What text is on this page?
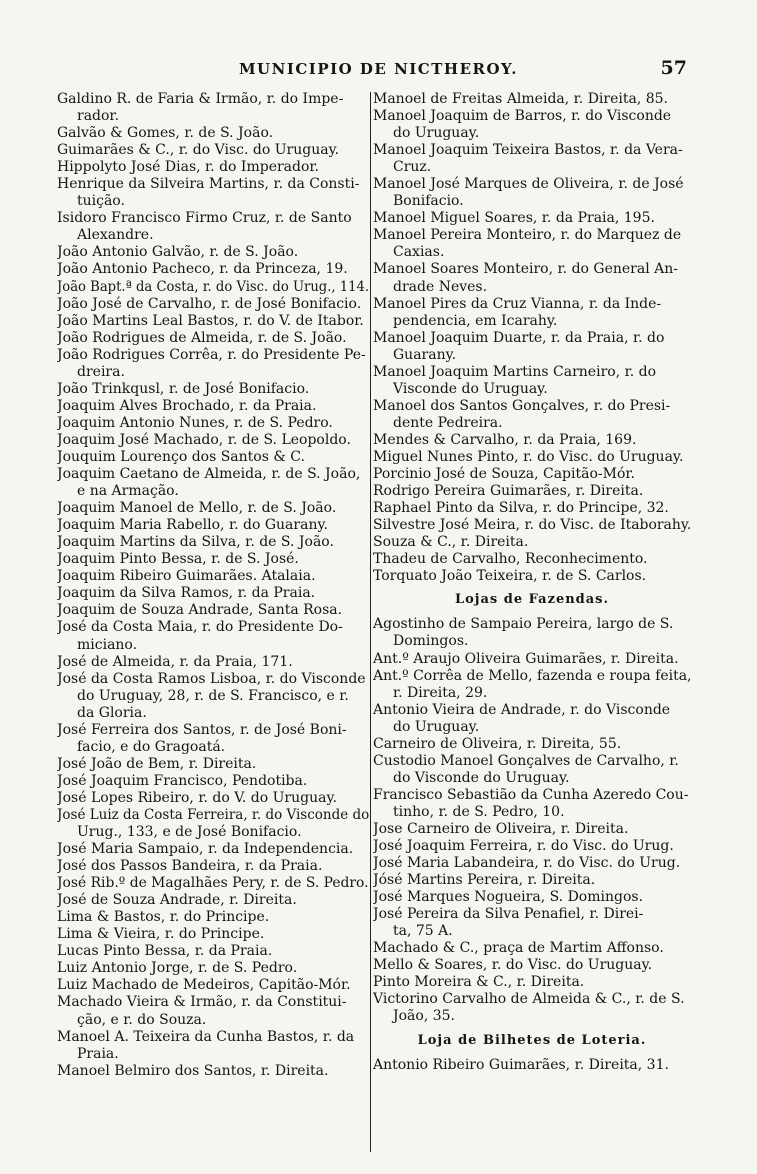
MUNICIPIO DE NICTHEROY.	57
Galdino R. de Faria & Irmão, r. do Impe-
rador.
Galvão & Gomes, r. de S. João.
Guimarães & C., r. do Visc. do Uruguay.
Hippolyto José Dias, r. do Imperador.
Henrique da Silveira Martins, r. da Consti-
tuição.
Isidoro Francisco Firmo Cruz, r. de Santo
Alexandre.
João Antonio Galvão, r. de S. João.
João Antonio Pacheco, r. da Princeza, 19.
João Bapt.ª da Costa, r. do Visc. do Urug., 114.
João José de Carvalho, r. de José Bonifacio.
João Martins Leal Bastos, r. do V. de Itabor.
João Rodrigues de Almeida, r. de S. João.
João Rodrigues Corrêa, r. do Presidente Pe-
dreira.
João Trinkqusl, r. de José Bonifacio.
Joaquim Alves Brochado, r. da Praia.
Joaquim Antonio Nunes, r. de S. Pedro.
Joaquim José Machado, r. de S. Leopoldo.
Jouquim Lourenço dos Santos & C.
Joaquim Caetano de Almeida, r. de S. João,
e na Armação.
Joaquim Manoel de Mello, r. de S. João.
Joaquim Maria Rabello, r. do Guarany.
Joaquim Martins da Silva, r. de S. João.
Joaquim Pinto Bessa, r. de S. José.
Joaquim Ribeiro Guimarães. Atalaia.
Joaquim da Silva Ramos, r. da Praia.
Joaquim de Souza Andrade, Santa Rosa.
José da Costa Maia, r. do Presidente Do-
miciano.
José de Almeida, r. da Praia, 171.
José da Costa Ramos Lisboa, r. do Visconde
do Uruguay, 28, r. de S. Francisco, e r.
da Gloria.
José Ferreira dos Santos, r. de José Boni-
facio, e do Gragoatá.
José João de Bem, r. Direita.
José Joaquim Francisco, Pendotiba.
José Lopes Ribeiro, r. do V. do Uruguay.
José Luiz da Costa Ferreira, r. do Visconde do
Urug., 133, e de José Bonifacio.
José Maria Sampaio, r. da Independencia.
José dos Passos Bandeira, r. da Praia.
José Rib.º de Magalhães Pery, r. de S. Pedro.
José de Souza Andrade, r. Direita.
Lima & Bastos, r. do Principe.
Lima & Vieira, r. do Principe.
Lucas Pinto Bessa, r. da Praia.
Luiz Antonio Jorge, r. de S. Pedro.
Luiz Machado de Medeiros, Capitão-Mór.
Machado Vieira & Irmão, r. da Constitui-
ção, e r. do Souza.
Manoel A. Teixeira da Cunha Bastos, r. da
Praia.
Manoel Belmiro dos Santos, r. Direita.
Manoel de Freitas Almeida, r. Direita, 85.
Manoel Joaquim de Barros, r. do Visconde
do Uruguay.
Manoel Joaquim Teixeira Bastos, r. da Vera-
Cruz.
Manoel José Marques de Oliveira, r. de José
Bonifacio.
Manoel Miguel Soares, r. da Praia, 195.
Manoel Pereira Monteiro, r. do Marquez de
Caxias.
Manoel Soares Monteiro, r. do General An-
drade Neves.
Manoel Pires da Cruz Vianna, r. da Inde-
pendencia, em Icarahy.
Manoel Joaquim Duarte, r. da Praia, r. do
Guarany.
Manoel Joaquim Martins Carneiro, r. do
Visconde do Uruguay.
Manoel dos Santos Gonçalves, r. do Presi-
dente Pedreira.
Mendes & Carvalho, r. da Praia, 169.
Miguel Nunes Pinto, r. do Visc. do Uruguay.
Porcinio José de Souza, Capitão-Mór.
Rodrigo Pereira Guimarães, r. Direita.
Raphael Pinto da Silva, r. do Principe, 32.
Silvestre José Meira, r. do Visc. de Itaborahy.
Souza & C., r. Direita.
Thadeu de Carvalho, Reconhecimento.
Torquato João Teixeira, r. de S. Carlos.
Lojas de Fazendas.
Agostinho de Sampaio Pereira, largo de S.
Domingos.
Ant.º Araujo Oliveira Guimarães, r. Direita.
Ant.º Corrêa de Mello, fazenda e roupa feita,
r. Direita, 29.
Antonio Vieira de Andrade, r. do Visconde
do Uruguay.
Carneiro de Oliveira, r. Direita, 55.
Custodio Manoel Gonçalves de Carvalho, r.
do Visconde do Uruguay.
Francisco Sebastião da Cunha Azeredo Cou-
tinho, r. de S. Pedro, 10.
Jose Carneiro de Oliveira, r. Direita.
José Joaquim Ferreira, r. do Visc. do Urug.
José Maria Labandeira, r. do Visc. do Urug.
Jósé Martins Pereira, r. Direita.
José Marques Nogueira, S. Domingos.
José Pereira da Silva Penafiel, r. Direi-
ta, 75 A.
Machado & C., praça de Martim Affonso.
Mello & Soares, r. do Visc. do Uruguay.
Pinto Moreira & C., r. Direita.
Victorino Carvalho de Almeida & C., r. de S.
João, 35.
Loja de Bilhetes de Loteria.
Antonio Ribeiro Guimarães, r. Direita, 31.
